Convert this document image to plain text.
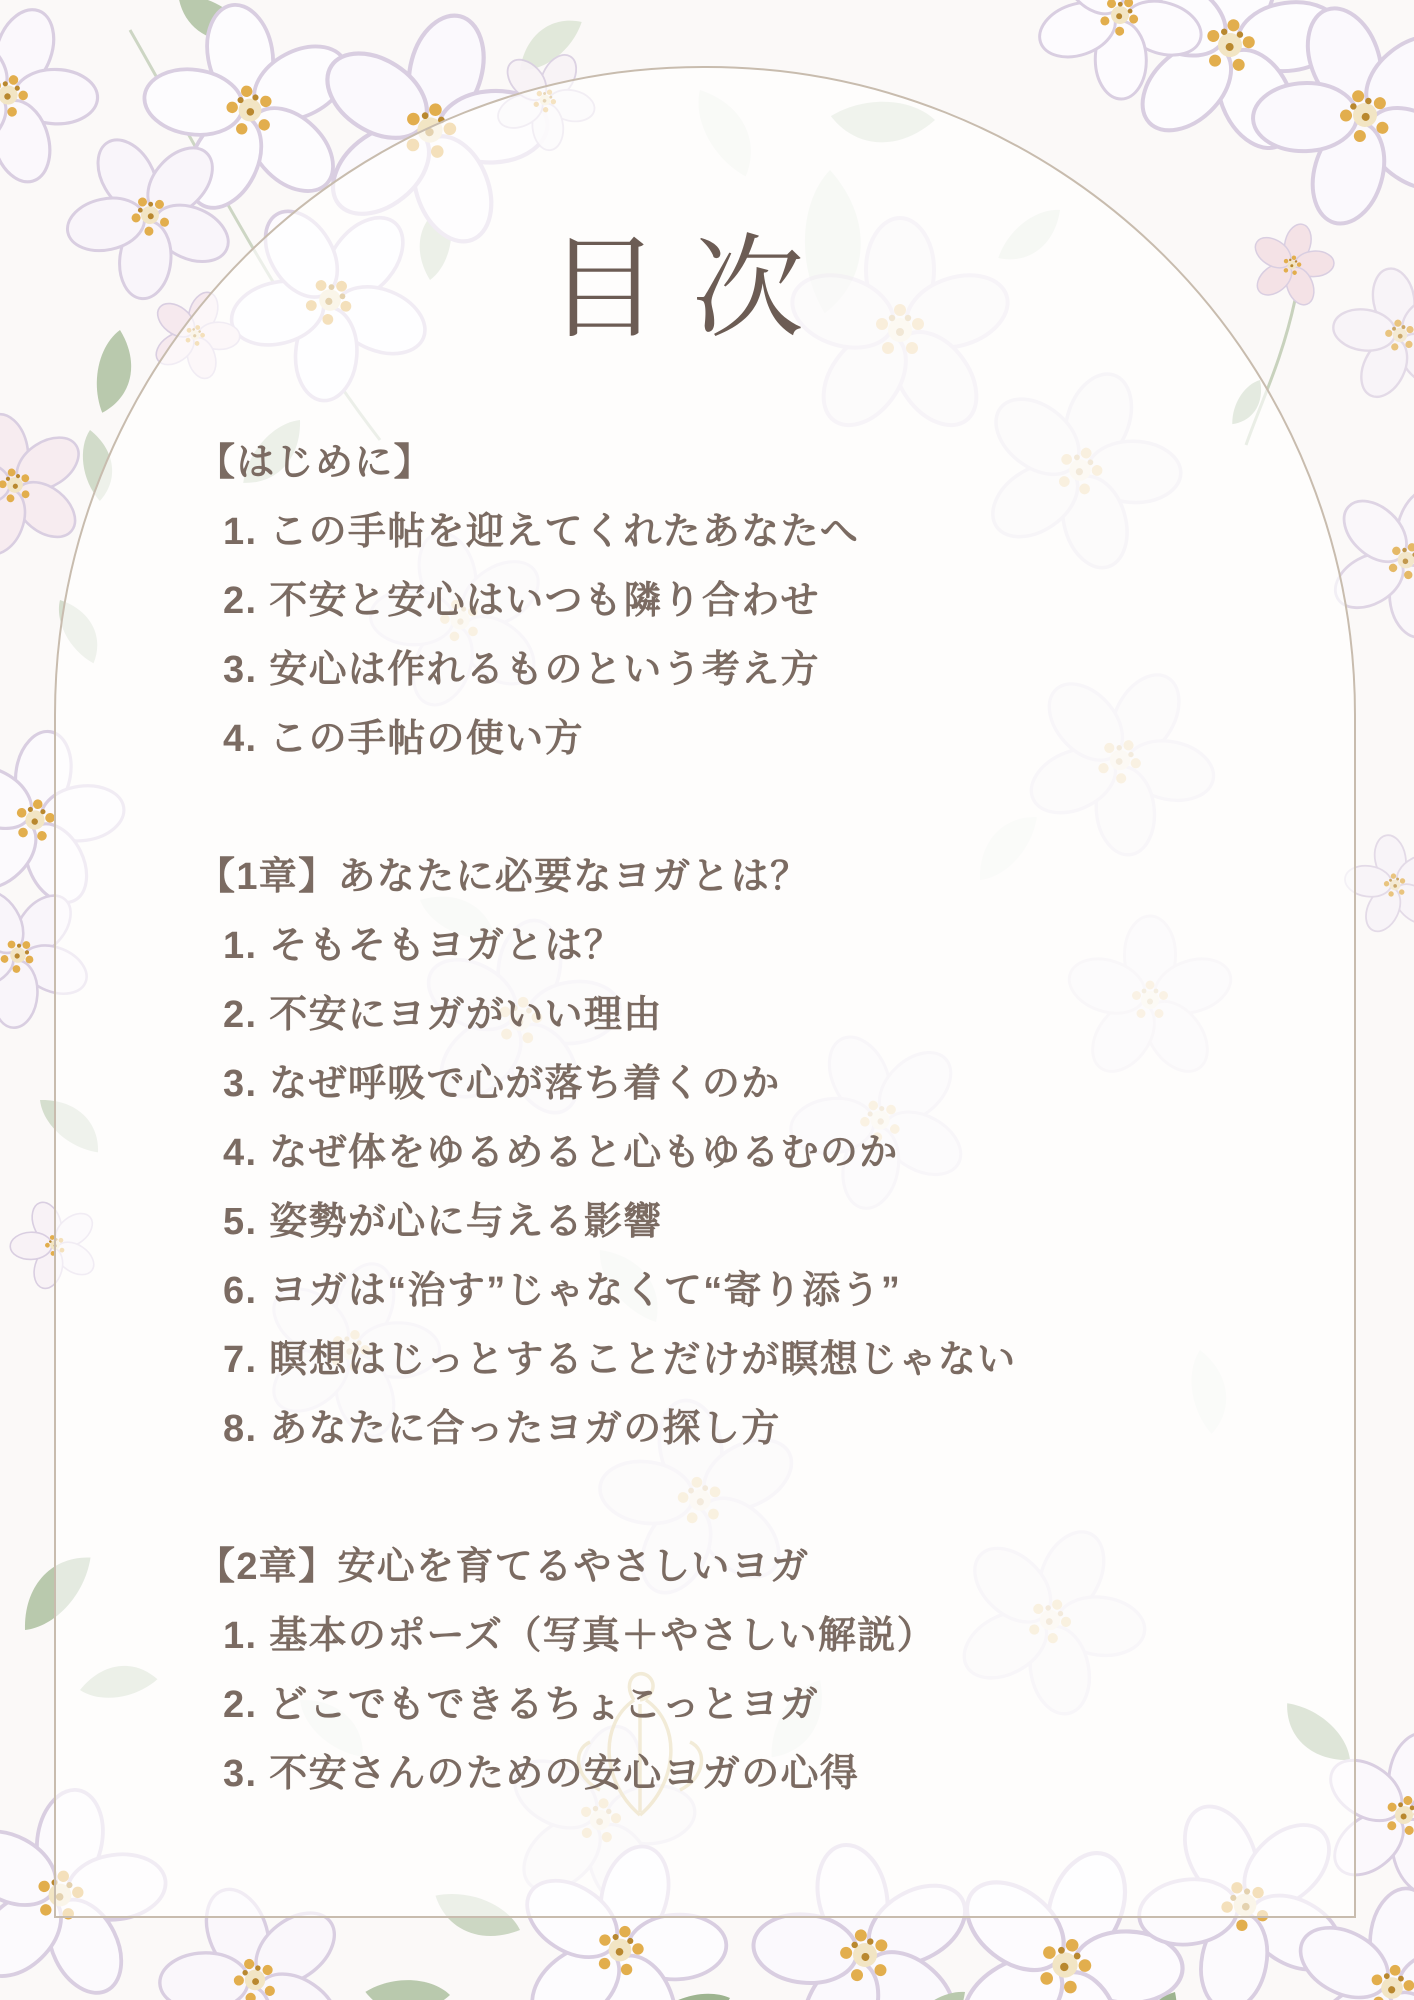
目 次
【はじめに】
1. この手帖を迎えてくれたあなたへ
2. 不安と安心はいつも隣り合わせ
3. 安心は作れるものという考え方
4. この手帖の使い方
【1章】あなたに必要なヨガとは？
1. そもそもヨガとは？
2. 不安にヨガがいい理由
3. なぜ呼吸で心が落ち着くのか
4. なぜ体をゆるめると心もゆるむのか
5. 姿勢が心に与える影響
6. ヨガは“治す”じゃなくて“寄り添う”
7. 瞑想はじっとすることだけが瞑想じゃない
8. あなたに合ったヨガの探し方
【2章】安心を育てるやさしいヨガ
1. 基本のポーズ（写真＋やさしい解説）
2. どこでもできるちょこっとヨガ
3. 不安さんのための安心ヨガの心得
